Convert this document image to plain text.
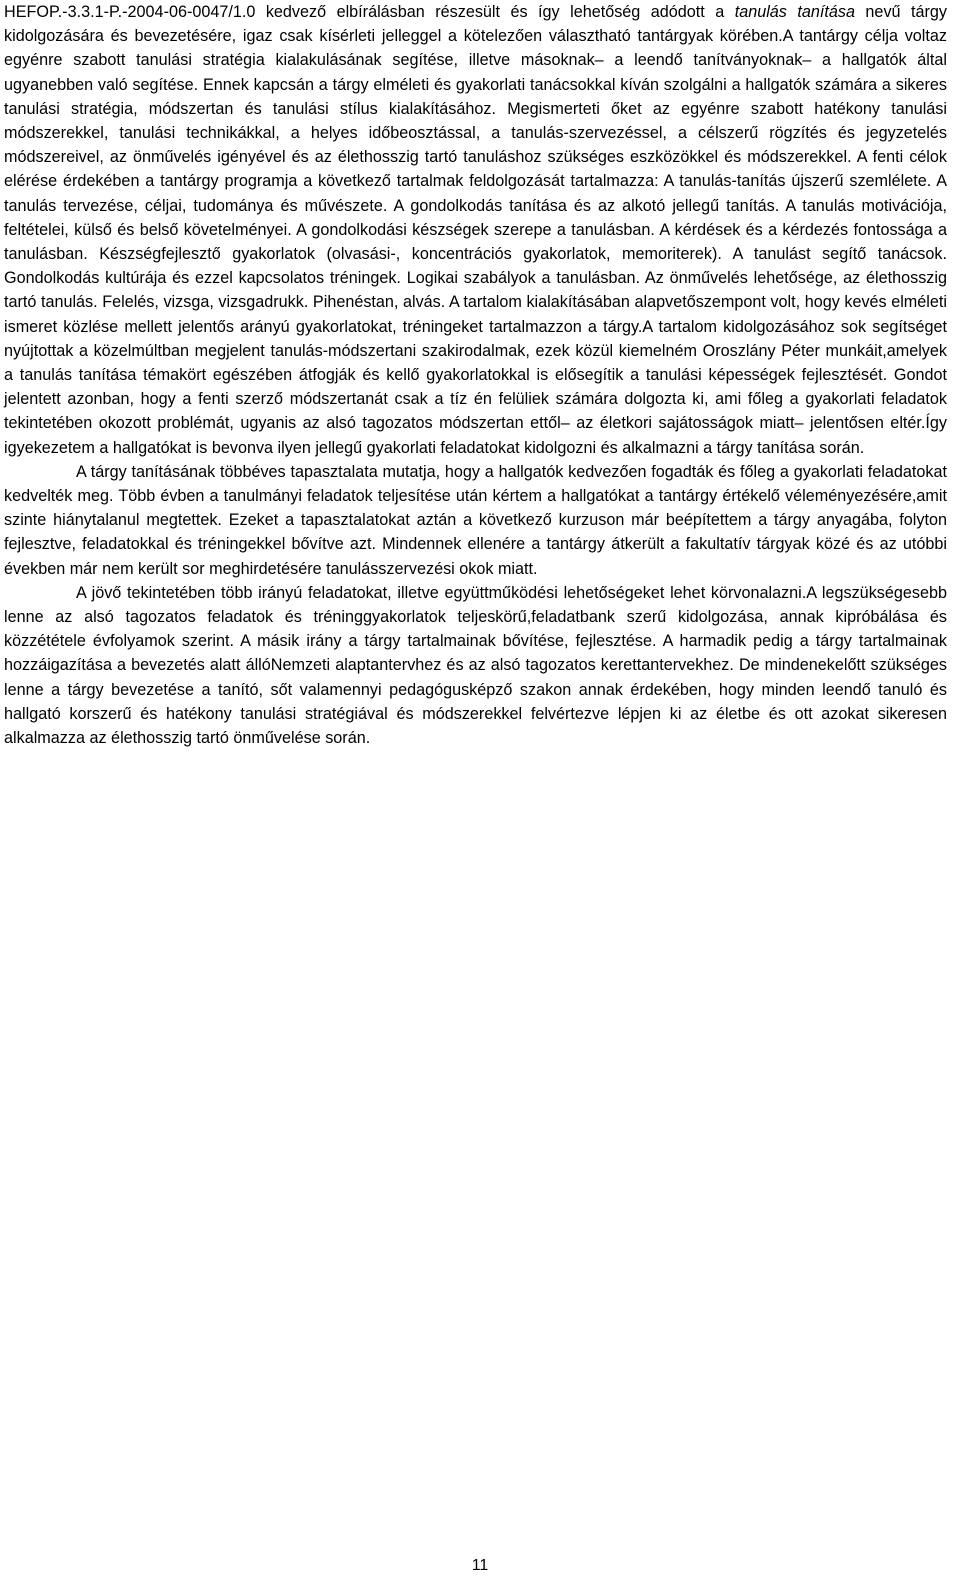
HEFOP.-3.3.1-P.-2004-06-0047/1.0 kedvező elbírálásban részesült és így lehetőség adódott a tanulás tanítása nevű tárgy kidolgozására és bevezetésére, igaz csak kísérleti jelleggel a kötelezően választható tantárgyak körében.A tantárgy célja voltaz egyénre szabott tanulási stratégia kialakulásának segítése, illetve másoknak– a leendő tanítványoknak– a hallgatók által ugyanebben való segítése. Ennek kapcsán a tárgy elméleti és gyakorlati tanácsokkal kíván szolgálni a hallgatók számára a sikeres tanulási stratégia, módszertan és tanulási stílus kialakításához. Megismerteti őket az egyénre szabott hatékony tanulási módszerekkel, tanulási technikákkal, a helyes időbeosztással, a tanulás-szervezéssel, a célszerű rögzítés és jegyzetelés módszereivel, az önművelés igényével és az élethosszig tartó tanuláshoz szükséges eszközökkel és módszerekkel. A fenti célok elérése érdekében a tantárgy programja a következő tartalmak feldolgozását tartalmazza: A tanulás-tanítás újszerű szemlélete. A tanulás tervezése, céljai, tudománya és művészete. A gondolkodás tanítása és az alkotó jellegű tanítás. A tanulás motivációja, feltételei, külső és belső követelményei. A gondolkodási készségek szerepe a tanulásban. A kérdések és a kérdezés fontossága a tanulásban. Készségfejlesztő gyakorlatok (olvasási-, koncentrációs gyakorlatok, memoriterek). A tanulást segítő tanácsok. Gondolkodás kultúrája és ezzel kapcsolatos tréningek. Logikai szabályok a tanulásban. Az önművelés lehetősége, az élethosszig tartó tanulás. Felelés, vizsga, vizsgadrukk. Pihenéstan, alvás. A tartalom kialakításában alapvetőszempont volt, hogy kevés elméleti ismeret közlése mellett jelentős arányú gyakorlatokat, tréningeket tartalmazzon a tárgy.A tartalom kidolgozásához sok segítséget nyújtottak a közelmúltban megjelent tanulás-módszertani szakirodalmak, ezek közül kiemelném Oroszlány Péter munkáit,amelyek a tanulás tanítása témakört egészében átfogják és kellő gyakorlatokkal is elősegítik a tanulási képességek fejlesztését. Gondot jelentett azonban, hogy a fenti szerző módszertanát csak a tíz én felüliek számára dolgozta ki, ami főleg a gyakorlati feladatok tekintetében okozott problémát, ugyanis az alsó tagozatos módszertan ettől– az életkori sajátosságok miatt– jelentősen eltér.Így igyekezetem a hallgatókat is bevonva ilyen jellegű gyakorlati feladatokat kidolgozni és alkalmazni a tárgy tanítása során.

A tárgy tanításának többéves tapasztalata mutatja, hogy a hallgatók kedvezően fogadták és főleg a gyakorlati feladatokat kedvelték meg. Több évben a tanulmányi feladatok teljesítése után kértem a hallgatókat a tantárgy értékelő véleményezésére,amit szinte hiánytalanul megtettek. Ezeket a tapasztalatokat aztán a következő kurzuson már beépítettem a tárgy anyagába, folyton fejlesztve, feladatokkal és tréningekkel bővítve azt. Mindennek ellenére a tantárgy átkerült a fakultatív tárgyak közé és az utóbbi években már nem került sor meghirdetésére tanulásszervezési okok miatt.

A jövő tekintetében több irányú feladatokat, illetve együttműködési lehetőségeket lehet körvonalazni.A legszükségesebb lenne az alsó tagozatos feladatok és tréninggyakorlatok teljeskörű,feladatbank szerű kidolgozása, annak kipróbálása és közzététele évfolyamok szerint. A másik irány a tárgy tartalmainak bővítése, fejlesztése. A harmadik pedig a tárgy tartalmainak hozzáigazítása a bevezetés alatt állóNemzeti alaptantervhez és az alsó tagozatos kerettantervekhez. De mindenekelőtt szükséges lenne a tárgy bevezetése a tanító, sőt valamennyi pedagógusképző szakon annak érdekében, hogy minden leendő tanuló és hallgató korszerű és hatékony tanulási stratégiával és módszerekkel felvértezve lépjen ki az életbe és ott azokat sikeresen alkalmazza az élethosszig tartó önművelése során.

11
